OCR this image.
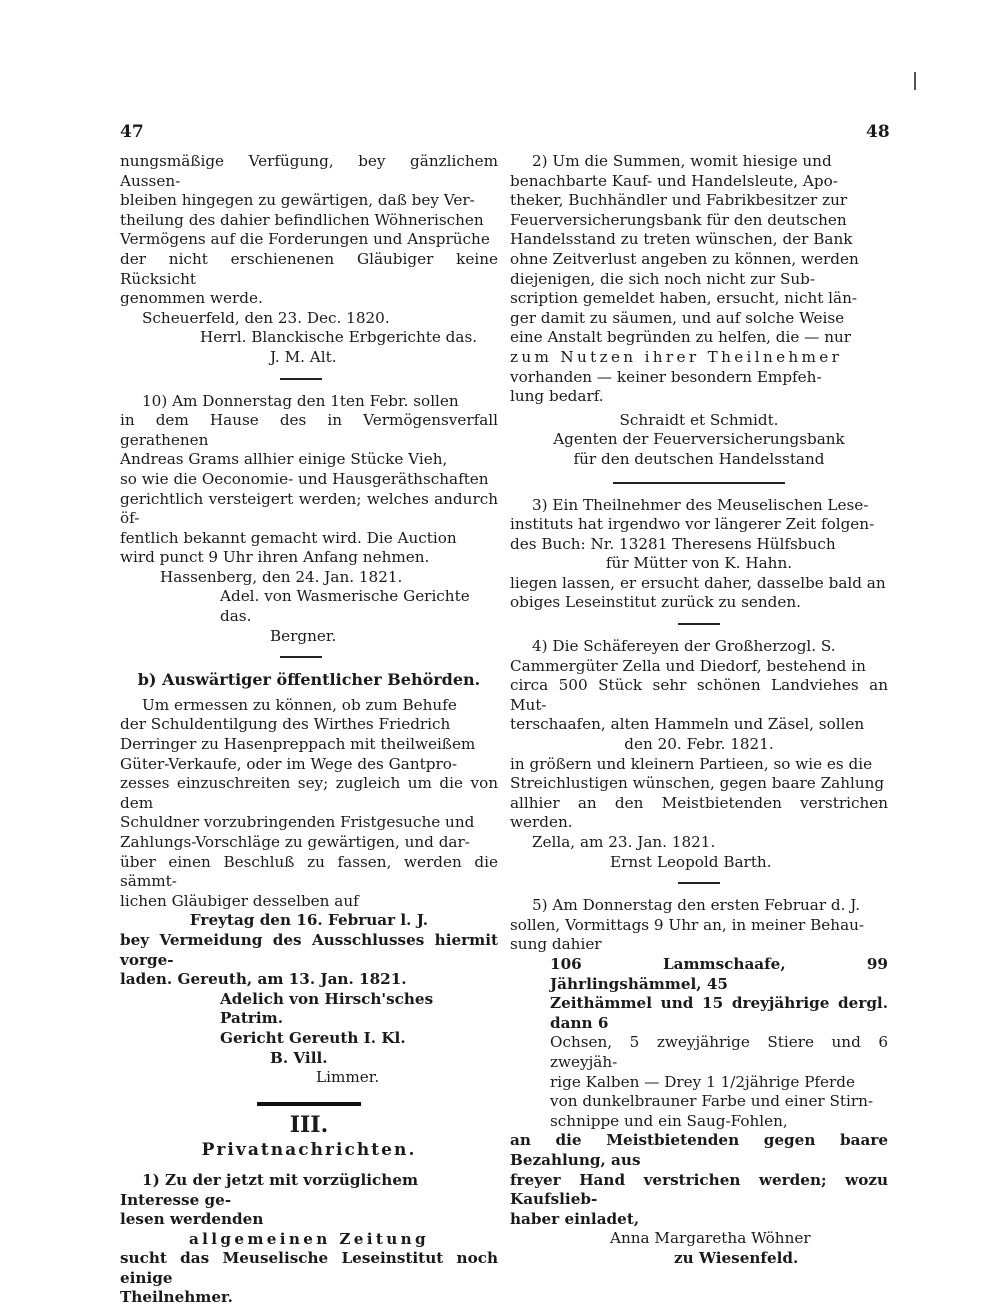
47	48

nungsmäßige Verfügung, bey gänzlichem Aussen-

bleiben hingegen zu gewärtigen, daß bey Ver-

theilung des dahier befindlichen Wöhnerischen

Vermögens auf die Forderungen und Ansprüche

der nicht erschienenen Gläubiger keine Rücksicht

genommen werde.

Scheuerfeld, den 23. Dec. 1820.

Herrl. Blanckische Erbgerichte das.

J. M. Alt.

10) Am Donnerstag den 1ten Febr. sollen

in dem Hause des in Vermögensverfall gerathenen

Andreas Grams allhier einige Stücke Vieh,

so wie die Oeconomie- und Hausgeräthschaften

gerichtlich versteigert werden; welches andurch öf-

fentlich bekannt gemacht wird. Die Auction

wird punct 9 Uhr ihren Anfang nehmen.

Hassenberg, den 24. Jan. 1821.

Adel. von Wasmerische Gerichte das.

Bergner.

b) Auswärtiger öffentlicher Behörden.

Um ermessen zu können, ob zum Behufe

der Schuldentilgung des Wirthes Friedrich

Derringer zu Hasenpreppach mit theilweißem

Güter-Verkaufe, oder im Wege des Gantpro-

zesses einzuschreiten sey; zugleich um die von dem

Schuldner vorzubringenden Fristgesuche und

Zahlungs-Vorschläge zu gewärtigen, und dar-

über einen Beschluß zu fassen, werden die sämmt-

lichen Gläubiger desselben auf

Freytag den 16. Februar l. J.

bey Vermeidung des Ausschlusses hiermit vorge-

laden. Gereuth, am 13. Jan. 1821.

Adelich von Hirsch'sches Patrim.

Gericht Gereuth I. Kl.

B. Vill.

Limmer.

III.

Privatnachrichten.

1) Zu der jetzt mit vorzüglichem Interesse ge-

lesen werdenden

allgemeinen Zeitung

sucht das Meuselische Leseinstitut noch einige

Theilnehmer.

2) Um die Summen, womit hiesige und

benachbarte Kauf- und Handelsleute, Apo-

theker, Buchhändler und Fabrikbesitzer zur

Feuerversicherungsbank für den deutschen

Handelsstand zu treten wünschen, der Bank

ohne Zeitverlust angeben zu können, werden

diejenigen, die sich noch nicht zur Sub-

scription gemeldet haben, ersucht, nicht län-

ger damit zu säumen, und auf solche Weise

eine Anstalt begründen zu helfen, die — nur

zum Nutzen ihrer Theilnehmer

vorhanden — keiner besondern Empfeh-

lung bedarf.

Schraidt et Schmidt.

Agenten der Feuerversicherungsbank

für den deutschen Handelsstand

3) Ein Theilnehmer des Meuselischen Lese-

instituts hat irgendwo vor längerer Zeit folgen-

des Buch: Nr. 13281 Theresens Hülfsbuch

für Mütter von K. Hahn.

liegen lassen, er ersucht daher, dasselbe bald an

obiges Leseinstitut zurück zu senden.

4) Die Schäfereyen der Großherzogl. S.

Cammergüter Zella und Diedorf, bestehend in

circa 500 Stück sehr schönen Landviehes an Mut-

terschaafen, alten Hammeln und Zäsel, sollen

den 20. Febr. 1821.

in größern und kleinern Partieen, so wie es die

Streichlustigen wünschen, gegen baare Zahlung

allhier an den Meistbietenden verstrichen werden.

Zella, am 23. Jan. 1821.

Ernst Leopold Barth.

5) Am Donnerstag den ersten Februar d. J.

sollen, Vormittags 9 Uhr an, in meiner Behau-

sung dahier

106 Lammschaafe, 99 Jährlingshämmel, 45

Zeithämmel und 15 dreyjährige dergl. dann 6

Ochsen, 5 zweyjährige Stiere und 6 zweyjäh-

rige Kalben — Drey 1 1/2jährige Pferde

von dunkelbrauner Farbe und einer Stirn-

schnippe und ein Saug-Fohlen,

an die Meistbietenden gegen baare Bezahlung, aus

freyer Hand verstrichen werden; wozu Kaufslieb-

haber einladet,

Anna Margaretha Wöhner

zu Wiesenfeld.
